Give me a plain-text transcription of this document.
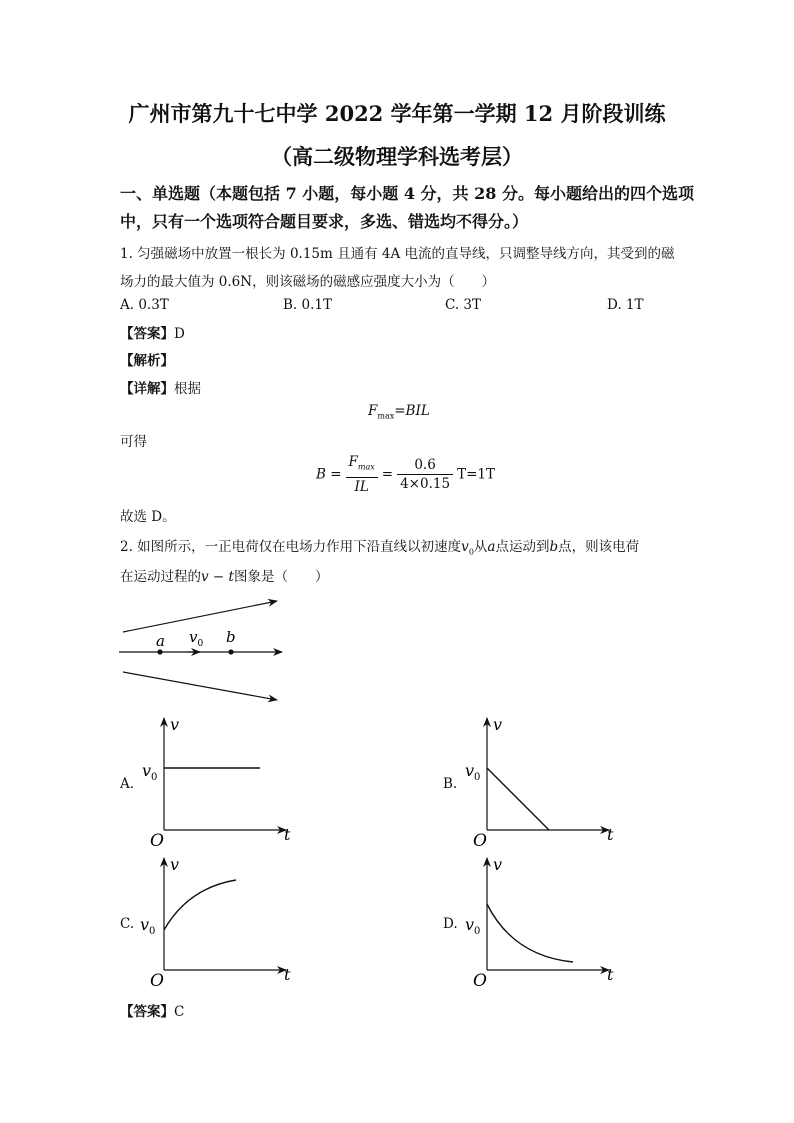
广州市第九十七中学 2022 学年第一学期 12 月阶段训练
（高二级物理学科选考层）
一、单选题（本题包括 7 小题，每小题 4 分，共 28 分。每小题给出的四个选项
中，只有一个选项符合题目要求，多选、错选均不得分。）
1. 匀强磁场中放置一根长为 0.15m 且通有 4A 电流的直导线，只调整导线方向，其受到的磁
场力的最大值为 0.6N，则该磁场的磁感应强度大小为（　　）
A. 0.3T	B. 0.1T	C. 3T	D. 1T
【答案】D
【解析】
【详解】根据
$F_{max}=BIL$
可得
$B = \frac{F_{max}}{IL} = \frac{0.6}{4\times 0.15} T=1T$
故选 D。
2. 如图所示，一正电荷仅在电场力作用下沿直线以初速度$v_0$从a点运动到b点，则该电荷
在运动过程的v − t图象是（　　）
a $v_0$ b
A.	B.
C.	D.
v
t
O
$v_0$
v
t
O
$v_0$
v
t
O
$v_0$
v
t
O
$v_0$
【答案】C
